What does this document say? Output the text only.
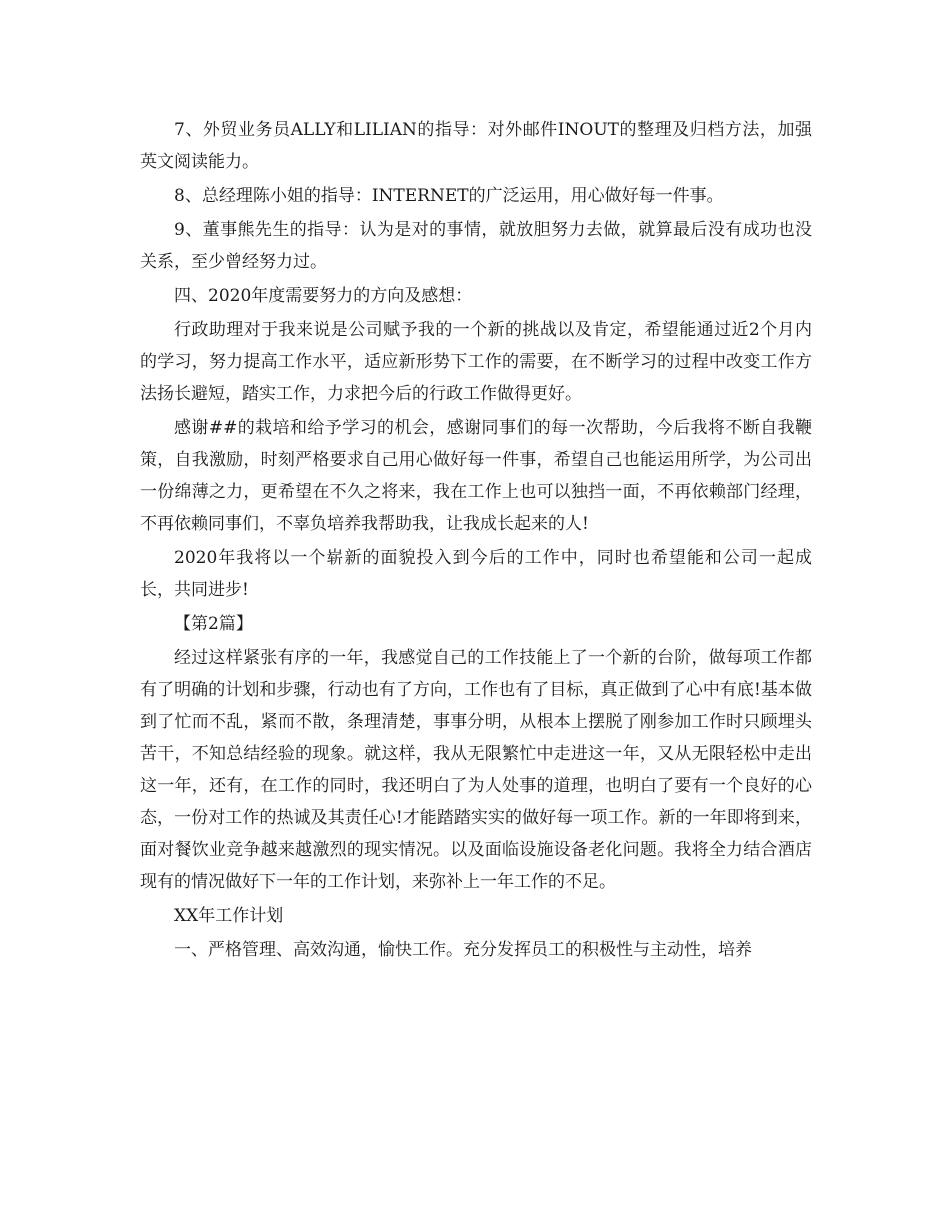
7、外贸业务员ALLY和LILIAN的指导：对外邮件INOUT的整理及归档方法，加强英文阅读能力。

8、总经理陈小姐的指导：INTERNET的广泛运用，用心做好每一件事。

9、董事熊先生的指导：认为是对的事情，就放胆努力去做，就算最后没有成功也没关系，至少曾经努力过。

四、2020年度需要努力的方向及感想：

行政助理对于我来说是公司赋予我的一个新的挑战以及肯定，希望能通过近2个月内的学习，努力提高工作水平，适应新形势下工作的需要，在不断学习的过程中改变工作方法扬长避短，踏实工作，力求把今后的行政工作做得更好。

感谢##的栽培和给予学习的机会，感谢同事们的每一次帮助，今后我将不断自我鞭策，自我激励，时刻严格要求自己用心做好每一件事，希望自己也能运用所学，为公司出一份绵薄之力，更希望在不久之将来，我在工作上也可以独挡一面，不再依赖部门经理，不再依赖同事们，不辜负培养我帮助我，让我成长起来的人!

2020年我将以一个崭新的面貌投入到今后的工作中，同时也希望能和公司一起成长，共同进步!

【第2篇】

经过这样紧张有序的一年，我感觉自己的工作技能上了一个新的台阶，做每项工作都有了明确的计划和步骤，行动也有了方向，工作也有了目标，真正做到了心中有底!基本做到了忙而不乱，紧而不散，条理清楚，事事分明，从根本上摆脱了刚参加工作时只顾埋头苦干，不知总结经验的现象。就这样，我从无限繁忙中走进这一年，又从无限轻松中走出这一年，还有，在工作的同时，我还明白了为人处事的道理，也明白了要有一个良好的心态，一份对工作的热诚及其责任心!才能踏踏实实的做好每一项工作。新的一年即将到来，面对餐饮业竞争越来越激烈的现实情况。以及面临设施设备老化问题。我将全力结合酒店现有的情况做好下一年的工作计划，来弥补上一年工作的不足。

XX年工作计划

一、严格管理、高效沟通，愉快工作。充分发挥员工的积极性与主动性，培养
